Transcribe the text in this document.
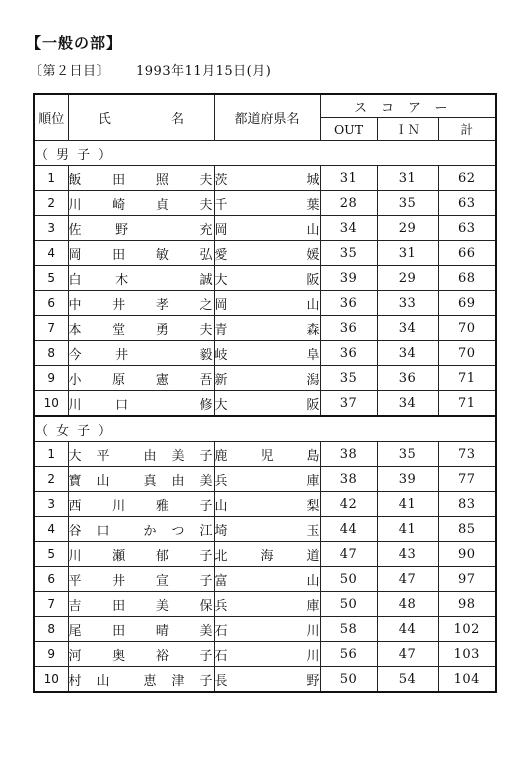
【一般の部】
〔第２日目〕 1993年11月15日(月)
順位	氏 名	都道府県名	スコアー		
			OUT	ＩＮ	計
（男子）					
1	飯田照夫	茨城	31	31	62
2	川崎貞夫	千葉	28	35	63
3	佐野 充	岡山	34	29	63
4	岡田敏弘	愛媛	35	31	66
5	白木 誠	大阪	39	29	68
6	中井孝之	岡山	36	33	69
7	本堂勇夫	青森	36	34	70
8	今井 毅	岐阜	36	34	70
9	小原憲吾	新潟	35	36	71
10	川口 修	大阪	37	34	71
（女子）					
1	大平 由美子	鹿児島	38	35	73
2	寶山 真由美	兵庫	38	39	77
3	西川雅子	山梨	42	41	83
4	谷口 かつ江	埼玉	44	41	85
5	川瀬郁子	北海道	47	43	90
6	平井宣子	富山	50	47	97
7	吉田美保	兵庫	50	48	98
8	尾田晴美	石川	58	44	102
9	河奥裕子	石川	56	47	103
10	村山 恵津子	長野	50	54	104
